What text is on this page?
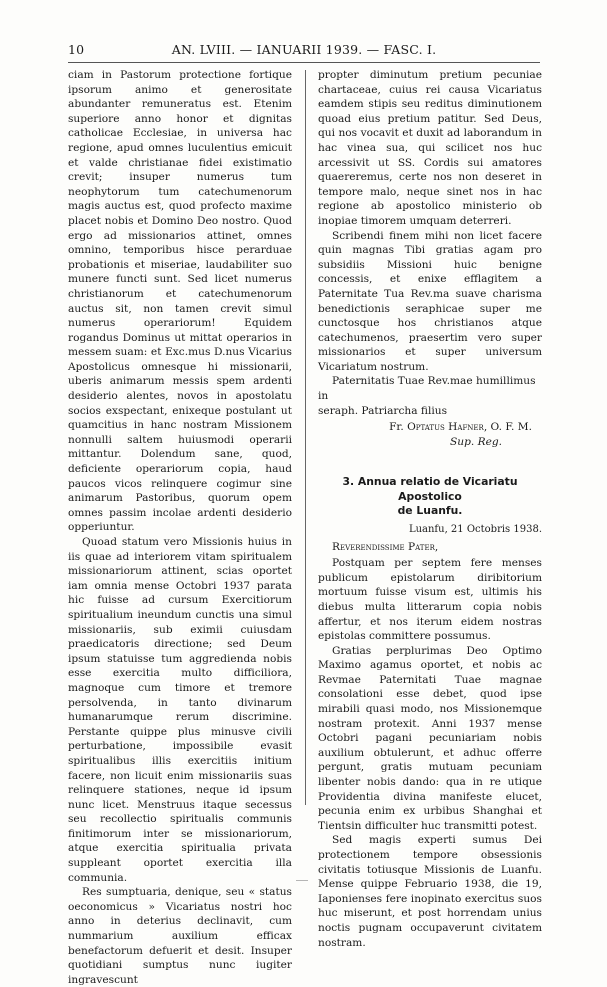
10	AN. LVIII. — IANUARII 1939. — FASC. I.

ciam in Pastorum protectione fortique ipsorum animo et generositate abundanter remuneratus est. Etenim superiore anno honor et dignitas catholicae Ecclesiae, in universa hac regione, apud omnes luculentius emicuit et valde christianae fidei existimatio crevit; insuper numerus tum neophytorum tum catechumenorum magis auctus est, quod profecto maxime placet nobis et Domino Deo nostro. Quod ergo ad missionarios attinet, omnes omnino, temporibus hisce perarduae probationis et miseriae, laudabiliter suo munere functi sunt. Sed licet numerus christianorum et catechumenorum auctus sit, non tamen crevit simul numerus operariorum! Equidem rogandus Dominus ut mittat operarios in messem suam: et Exc.mus D.nus Vicarius Apostolicus omnesque hi missionarii, uberis animarum messis spem ardenti desiderio alentes, novos in apostolatu socios exspectant, enixeque postulant ut quamcitius in hanc nostram Missionem nonnulli saltem huiusmodi operarii mittantur. Dolendum sane, quod, deficiente operariorum copia, haud paucos vicos relinquere cogimur sine animarum Pastoribus, quorum opem omnes passim incolae ardenti desiderio opperiuntur.

Quoad statum vero Missionis huius in iis quae ad interiorem vitam spiritualem missionariorum attinent, scias oportet iam omnia mense Octobri 1937 parata hic fuisse ad cursum Exercitiorum spiritualium ineundum cunctis una simul missionariis, sub eximii cuiusdam praedicatoris directione; sed Deum ipsum statuisse tum aggredienda nobis esse exercitia multo difficiliora, magnoque cum timore et tremore persolvenda, in tanto divinarum humanarumque rerum discrimine. Perstante quippe plus minusve civili perturbatione, impossibile evasit spiritualibus illis exercitiis initium facere, non licuit enim missionariis suas relinquere stationes, neque id ipsum nunc licet. Menstruus itaque secessus seu recollectio spiritualis communis finitimorum inter se missionariorum, atque exercitia spiritualia privata suppleant oportet exercitia illa communia.

Res sumptuaria, denique, seu « status oeconomicus » Vicariatus nostri hoc anno in deterius declinavit, cum nummarium auxilium efficax benefactorum defuerit et desit. Insuper quotidiani sumptus nunc iugiter ingravescunt

propter diminutum pretium pecuniae chartaceae, cuius rei causa Vicariatus eamdem stipis seu reditus diminutionem quoad eius pretium patitur. Sed Deus, qui nos vocavit et duxit ad laborandum in hac vinea sua, qui scilicet nos huc arcessivit ut SS. Cordis sui amatores quaereremus, certe nos non deseret in tempore malo, neque sinet nos in hac regione ab apostolico ministerio ob inopiae timorem umquam deterreri.

Scribendi finem mihi non licet facere quin magnas Tibi gratias agam pro subsidiis Missioni huic benigne concessis, et enixe efflagitem a Paternitate Tua Rev.ma suave charisma benedictionis seraphicae super me cunctosque hos christianos atque catechumenos, praesertim vero super missionarios et super universum Vicariatum nostrum.

Paternitatis Tuae Rev.mae humillimus in

seraph. Patriarcha filius

Fr. Optatus Hafner, O. F. M.

Sup. Reg.

3. Annua relatio de Vicariatu Apostolico
de Luanfu.

Luanfu, 21 Octobris 1938.

Reverendissime Pater,

Postquam per septem fere menses publicum epistolarum diribitorium mortuum fuisse visum est, ultimis his diebus multa litterarum copia nobis affertur, et nos iterum eidem nostras epistolas committere possumus.

Gratias perplurimas Deo Optimo Maximo agamus oportet, et nobis ac Revmae Paternitati Tuae magnae consolationi esse debet, quod ipse mirabili quasi modo, nos Missionemque nostram protexit. Anni 1937 mense Octobri pagani pecuniariam nobis auxilium obtulerunt, et adhuc offerre pergunt, gratis mutuam pecuniam libenter nobis dando: qua in re utique Providentia divina manifeste elucet, pecunia enim ex urbibus Shanghai et Tientsin difficulter huc transmitti potest.

Sed magis experti sumus Dei protectionem tempore obsessionis civitatis totiusque Missionis de Luanfu. Mense quippe Februario 1938, die 19, Iaponienses fere inopinato exercitus suos huc miserunt, et post horrendam unius noctis pugnam occupaverunt civitatem nostram.
